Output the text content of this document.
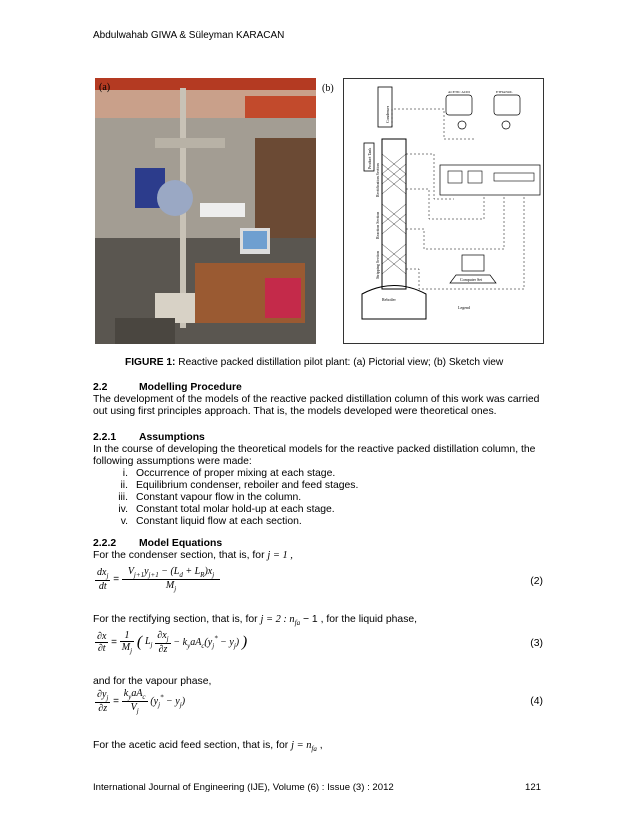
Abdulwahab GIWA & Süleyman KARACAN
(a)	(b)
Legend
Computer Set
Reboiler
ACETIC ACID	ETHANOL
Condenser
Product Tank
Rectification Section
Reaction Section
Stripping Section
FIGURE 1: Reactive packed distillation pilot plant: (a) Pictorial view; (b) Sketch view
2.2	Modelling Procedure
The development of the models of the reactive packed distillation column of this work was carried out using first principles approach. That is, the models developed were theoretical ones.
2.2.1 Assumptions
In the course of developing the theoretical models for the reactive packed distillation column, the following assumptions were made:
i. Occurrence of proper mixing at each stage.
ii. Equilibrium condenser, reboiler and feed stages.
iii. Constant vapour flow in the column.
iv. Constant total molar hold-up at each stage.
v. Constant liquid flow at each section.
2.2.2 Model Equations
For the condenser section, that is, for j = 1 ,
$\frac{dx_j}{dt} = \frac{V_{j+1}y_{j+1} - (L_d + L_R)x_j}{M_j}$	(2)
For the rectifying section, that is, for j = 2 : $n_{fa} - 1$ , for the liquid phase,
$\frac{\partial x}{\partial t} = \frac{1}{M_j}$ ( $L_j \frac{\partial x_j}{\partial z} - k_yaA_c(y_j^* - y_j)$ )	(3)
and for the vapour phase,
$\frac{\partial y_j}{\partial z} = \frac{k_yaA_c}{V_j} (y_j^* - y_j)$	(4)
For the acetic acid feed section, that is, for $j = n_{fa}$ ,
International Journal of Engineering (IJE), Volume (6) : Issue (3) : 2012	121
